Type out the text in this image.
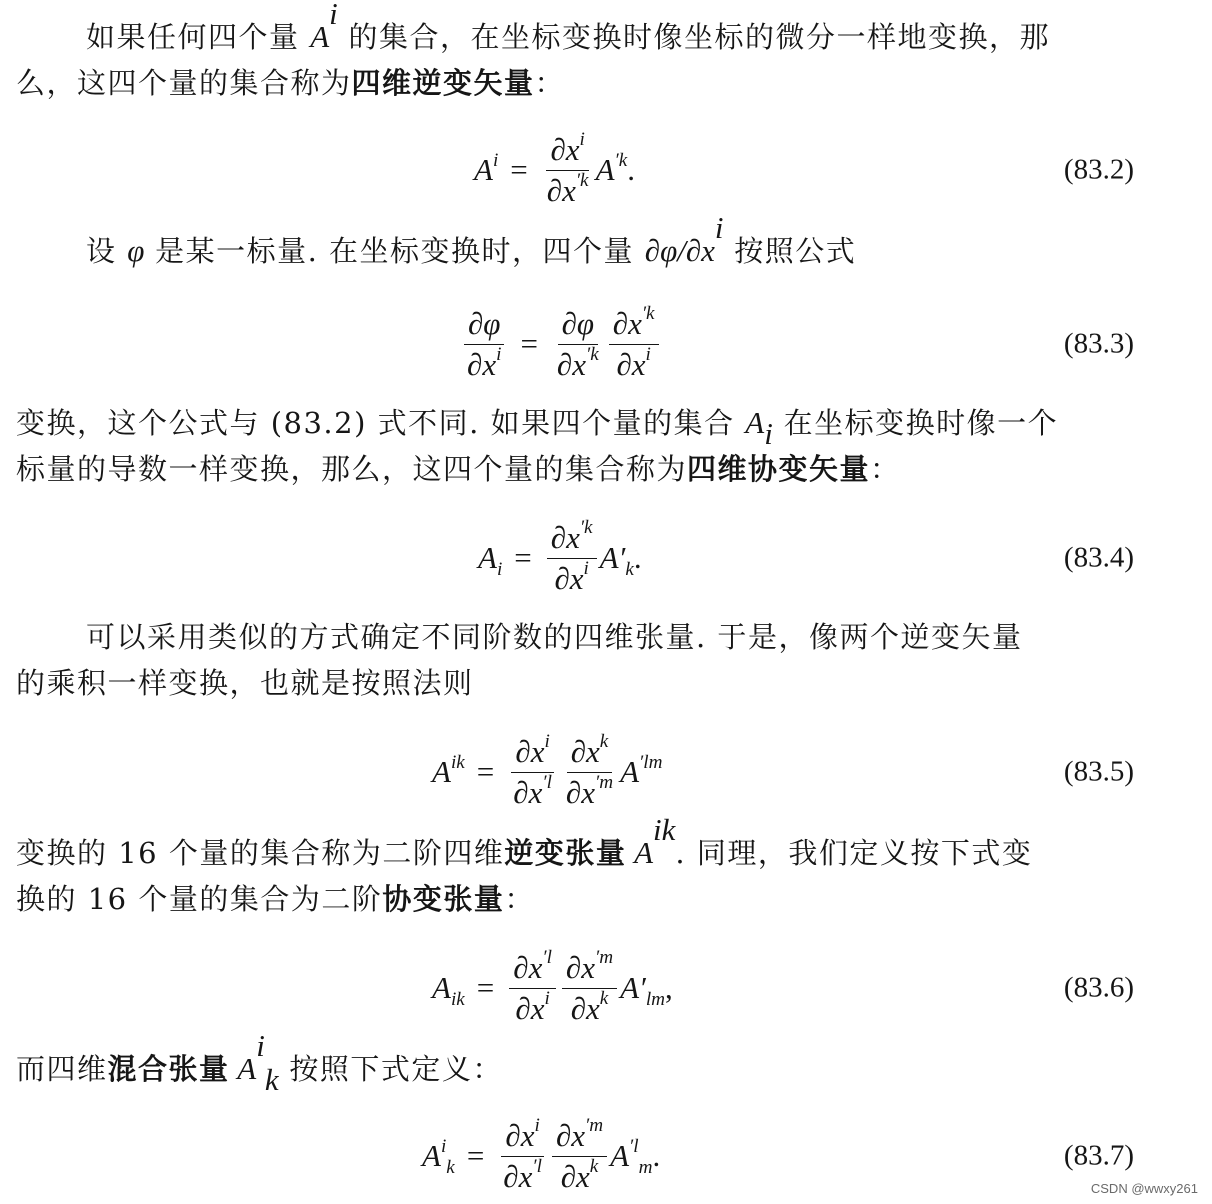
如果任何四个量 $A^i$ 的集合，在坐标变换时像坐标的微分一样地变换，那
么，这四个量的集合称为四维逆变矢量：

$A^i = \frac{\partial x^i}{\partial x^{'k}} A^{'k}$ .	(83.2)

设 φ 是某一标量. 在坐标变换时，四个量 $\partial\varphi/\partial x^i$ 按照公式

$\frac{\partial\varphi}{\partial x^i} = \frac{\partial\varphi}{\partial x^{'k}} \frac{\partial x^{'k}}{\partial x^i}$	(83.3)

变换，这个公式与 (83.2) 式不同. 如果四个量的集合 $A_i$ 在坐标变换时像一个
标量的导数一样变换，那么，这四个量的集合称为四维协变矢量：

$A_i = \frac{\partial x^{'k}}{\partial x^i} A'_k$ .	(83.4)

可以采用类似的方式确定不同阶数的四维张量. 于是，像两个逆变矢量
的乘积一样变换，也就是按照法则

$A^{ik} = \frac{\partial x^i}{\partial x^{'l}} \frac{\partial x^k}{\partial x^{'m}} A^{'lm}$	(83.5)

变换的 16 个量的集合称为二阶四维逆变张量 $A^{ik}$. 同理，我们定义按下式变
换的 16 个量的集合为二阶协变张量：

$A_{ik} = \frac{\partial x^{'l}}{\partial x^i} \frac{\partial x^{'m}}{\partial x^k} A'_{lm}$ ,	(83.6)

而四维混合张量 $A^i_k$ 按照下式定义：

$A^i_k = \frac{\partial x^i}{\partial x^{'l}} \frac{\partial x^{'m}}{\partial x^k} A^{'l}_m$ .	(83.7)
CSDN @wwxy261
